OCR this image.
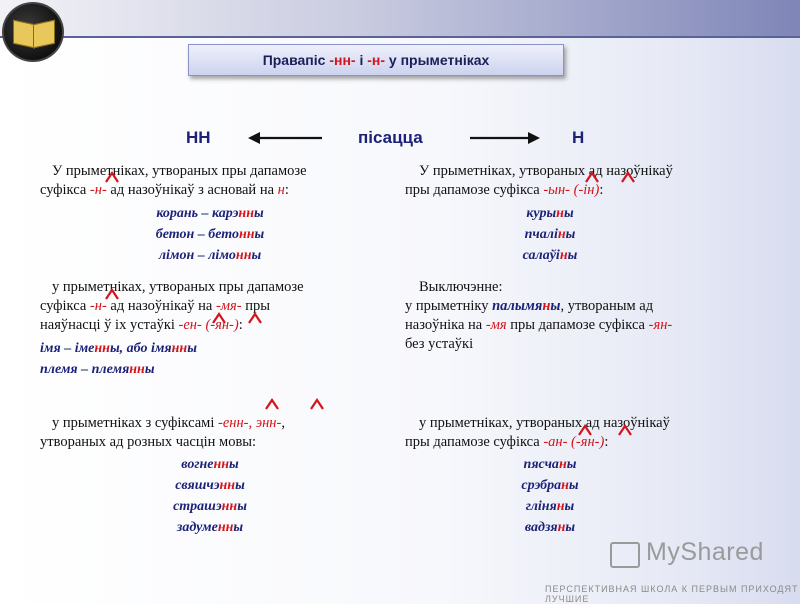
Правапіс -нн- і -н- у прыметніках
НН	пісацца	Н
У прыметніках, утвораных пры дапамозе
суфікса -н- ад назоўнікаў з асновай на н:
корань – карэнны
бетон – бетонны
лімон – лімонны
у прыметніках, утвораных пры дапамозе
суфікса -н- ад назоўнікаў на -мя- пры
наяўнасці ў іх устаўкі -ен- (-ян-):
імя – іменны, або імянны
племя – племянны
у прыметніках з суфіксамі -енн-, энн-,
утвораных ад розных часцін мовы:
вогненны
свяшчэнны
страшэнны
задуменны
У прыметніках, утвораных ад назоўнікаў
пры дапамозе суфікса -ын- (-ін):
курыны
пчаліны
салаўіны
Выключэнне:
у прыметніку палымяны, утвораным ад
назоўніка на -мя пры дапамозе суфікса -ян-
без устаўкі
у прыметніках, утвораных ад назоўнікаў
пры дапамозе суфікса -ан- (-ян-):
пясчаны
срэбраны
гліняны
вадзяны
MyShared
ПЕРСПЕКТИВНАЯ ШКОЛА К ПЕРВЫМ ПРИХОДЯТ ЛУЧШИЕ
